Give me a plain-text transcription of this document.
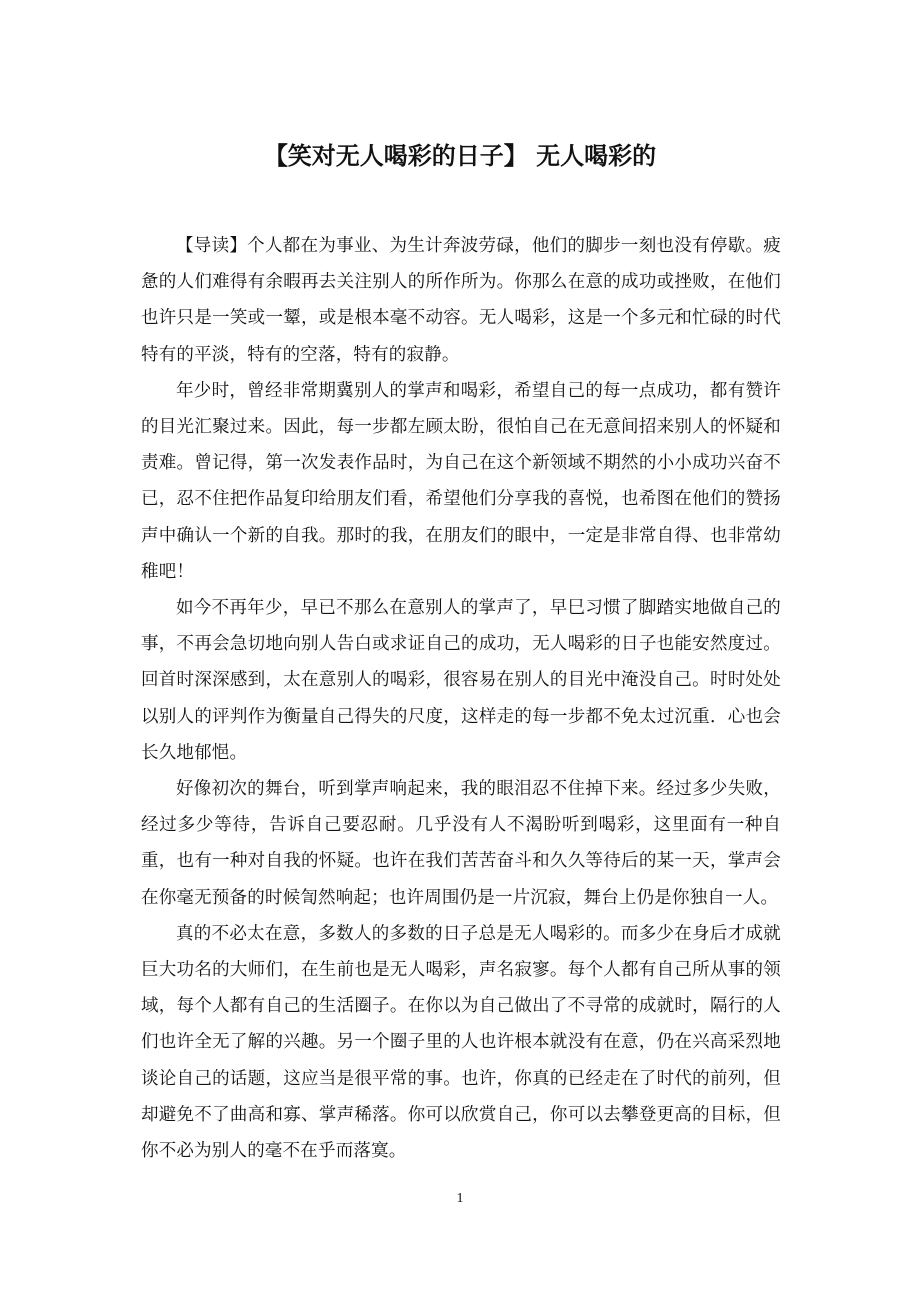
【笑对无人喝彩的日子】 无人喝彩的

【导读】个人都在为事业、为生计奔波劳碌，他们的脚步一刻也没有停歇。疲惫的人们难得有余暇再去关注别人的所作所为。你那么在意的成功或挫败，在他们也许只是一笑或一颦，或是根本毫不动容。无人喝彩，这是一个多元和忙碌的时代特有的平淡，特有的空落，特有的寂静。

年少时，曾经非常期冀别人的掌声和喝彩，希望自己的每一点成功，都有赞许的目光汇聚过来。因此，每一步都左顾太盼，很怕自己在无意间招来别人的怀疑和责难。曾记得，第一次发表作品时，为自己在这个新领域不期然的小小成功兴奋不已，忍不住把作品复印给朋友们看，希望他们分享我的喜悦，也希图在他们的赞扬声中确认一个新的自我。那时的我，在朋友们的眼中，一定是非常自得、也非常幼稚吧！

如今不再年少，早已不那么在意别人的掌声了，早巳习惯了脚踏实地做自己的事，不再会急切地向别人告白或求证自己的成功，无人喝彩的日子也能安然度过。回首时深深感到，太在意别人的喝彩，很容易在别人的目光中淹没自己。时时处处以别人的评判作为衡量自己得失的尺度，这样走的每一步都不免太过沉重．心也会长久地郁悒。

好像初次的舞台，听到掌声响起来，我的眼泪忍不住掉下来。经过多少失败，经过多少等待，告诉自己要忍耐。几乎没有人不渴盼听到喝彩，这里面有一种自重，也有一种对自我的怀疑。也许在我们苦苦奋斗和久久等待后的某一天，掌声会在你毫无预备的时候訇然响起；也许周围仍是一片沉寂，舞台上仍是你独自一人。

真的不必太在意，多数人的多数的日子总是无人喝彩的。而多少在身后才成就巨大功名的大师们，在生前也是无人喝彩，声名寂寥。每个人都有自己所从事的领域，每个人都有自己的生活圈子。在你以为自己做出了不寻常的成就时，隔行的人们也许全无了解的兴趣。另一个圈子里的人也许根本就没有在意，仍在兴高采烈地谈论自己的话题，这应当是很平常的事。也许，你真的已经走在了时代的前列，但却避免不了曲高和寡、掌声稀落。你可以欣赏自己，你可以去攀登更高的目标，但你不必为别人的毫不在乎而落寞。

1
